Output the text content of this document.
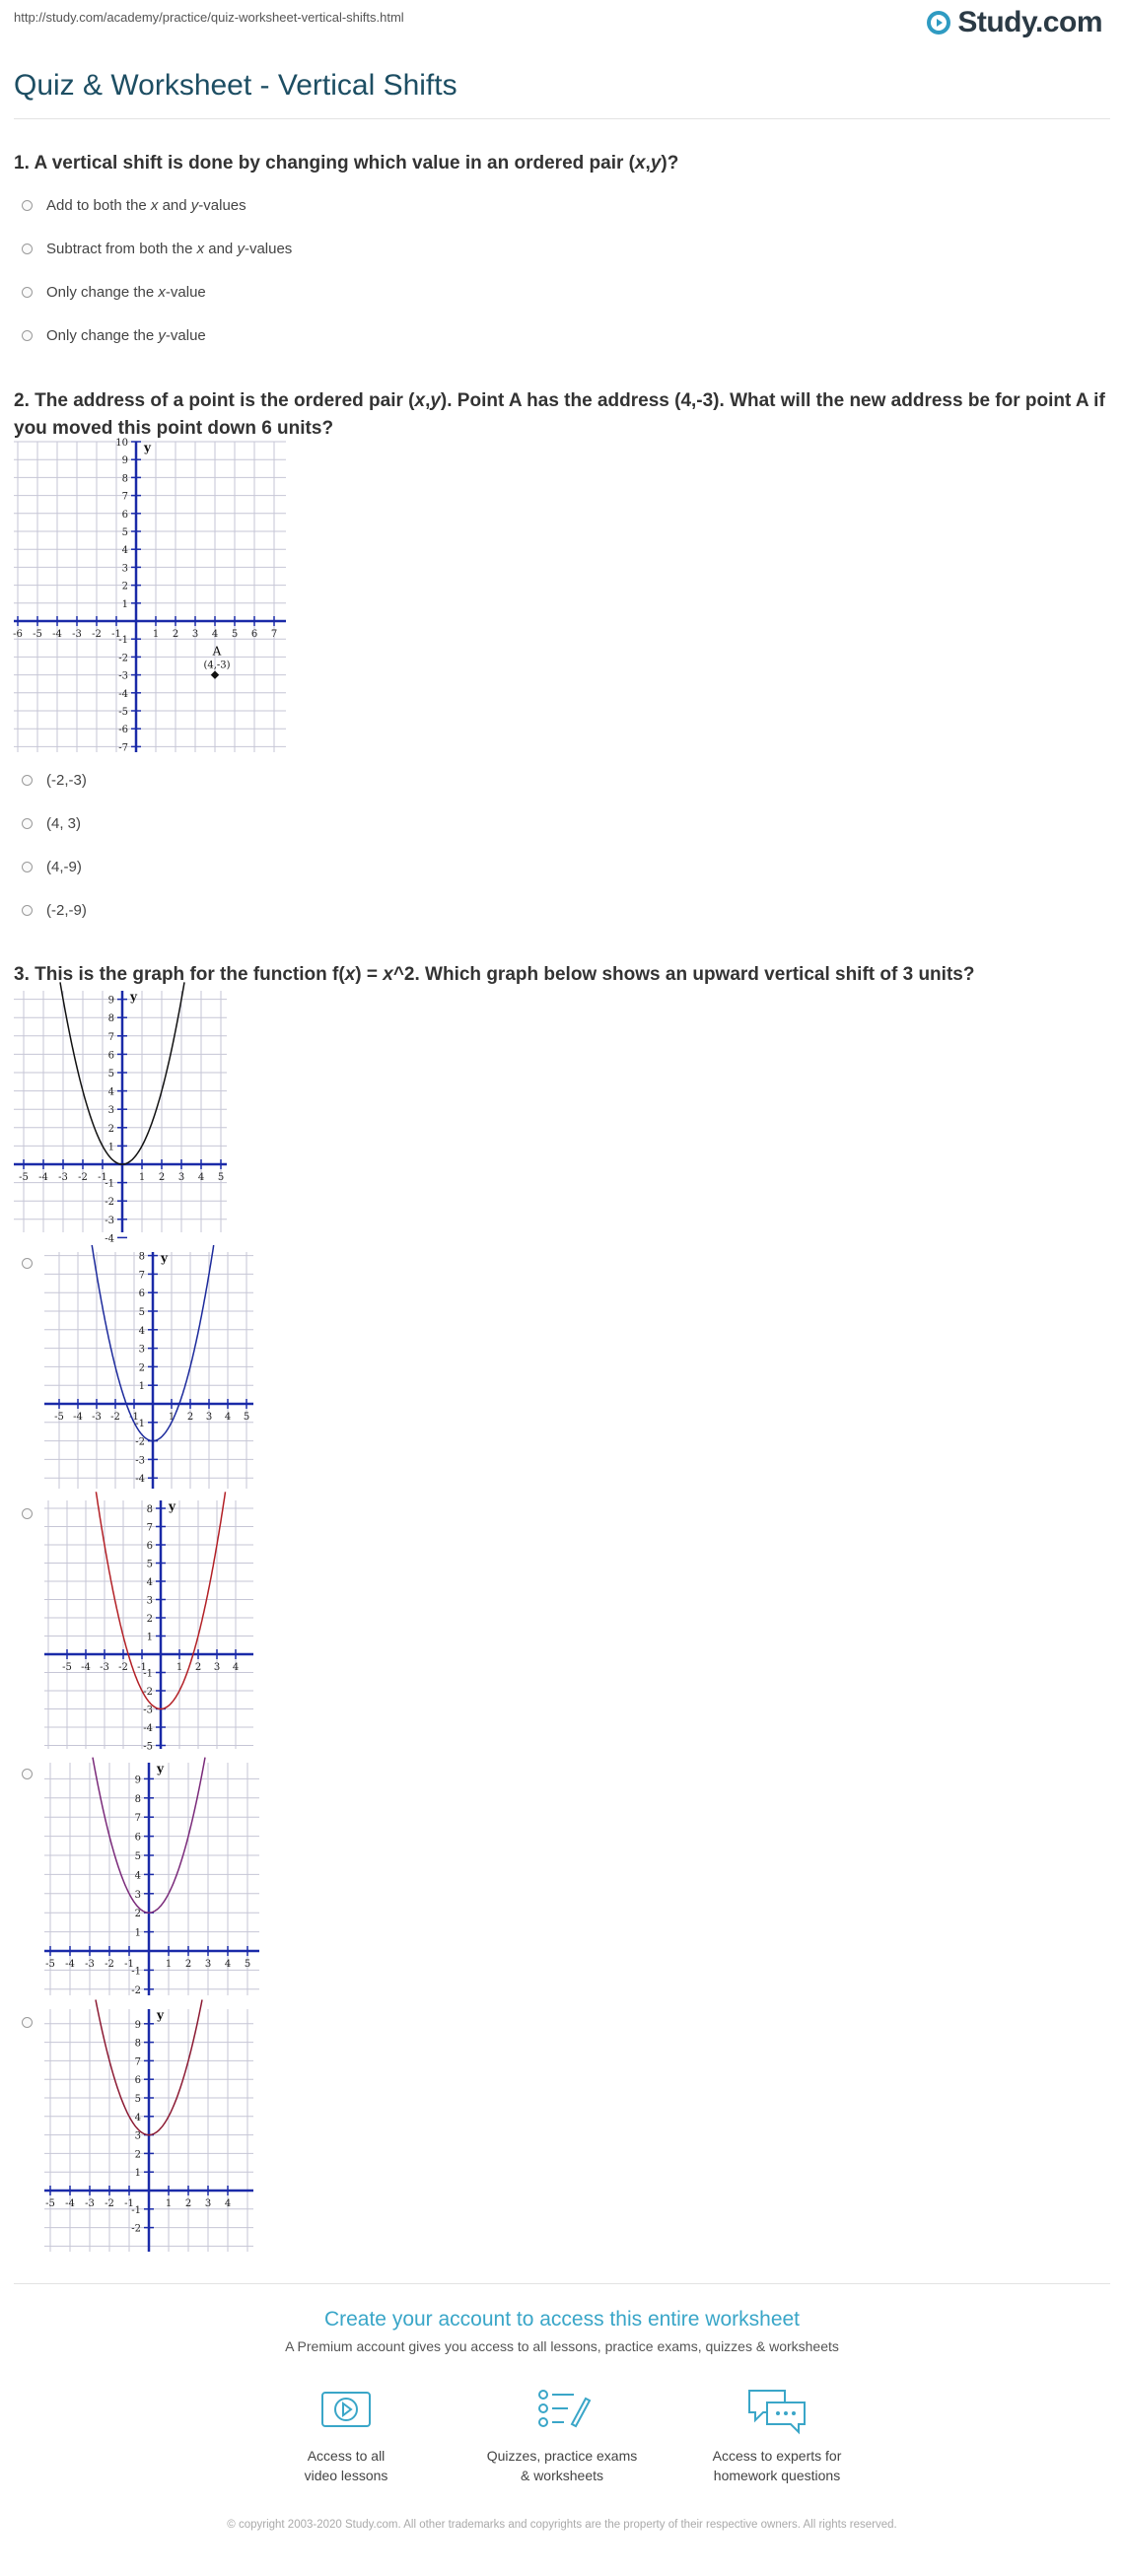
http://study.com/academy/practice/quiz-worksheet-vertical-shifts.html	Study.com
Quiz & Worksheet - Vertical Shifts

1. A vertical shift is done by changing which value in an ordered pair (x,y)?

Add to both the x and y-values
Subtract from both the x and y-values
Only change the x-value
Only change the y-value

2. The address of a point is the ordered pair (x,y). Point A has the address (4,-3). What will the new address be for point A if you moved this point down 6 units?

y
-6 -5 -4 -3 -2 -1	1 2 3 4 5 6 7
-7
-6
-5
-4
-3
-2
-1
1
2
3
4
5
6
7
8
9
10
A
(4,-3)
(-2,-3)
(4, 3)
(4,-9)
(-2,-9)

3. This is the graph for the function f(x) = x^2. Which graph below shows an upward vertical shift of 3 units?

y
-5 -4 -3 -2 -1	1 2 3 4 5
-4
-3
-2
-1
1
2
3
4
5
6
7
8
9
y
-5 -4 -3 -2 -1	1 2 3 4 5
-4
-3
-2
-1
1
2
3
4
5
6
7
8
y
-5 -4 -3 -2 -1	1 2 3 4
-5
-4
-3
-2
-1
1
2
3
4
5
6
7
8
y
-5 -4 -3 -2 -1	1 2 3 4 5
-2
-1
1
2
3
4
5
6
7
8
9
y
-5 -4 -3 -2 -1	1 2 3 4
-2
-1
1
2
3
4
5
6
7
8
9
Create your account to access this entire worksheet
A Premium account gives you access to all lessons, practice exams, quizzes & worksheets
Access to all
video lessons
Quizzes, practice exams
& worksheets
Access to experts for
homework questions
© copyright 2003-2020 Study.com. All other trademarks and copyrights are the property of their respective owners. All rights reserved.
